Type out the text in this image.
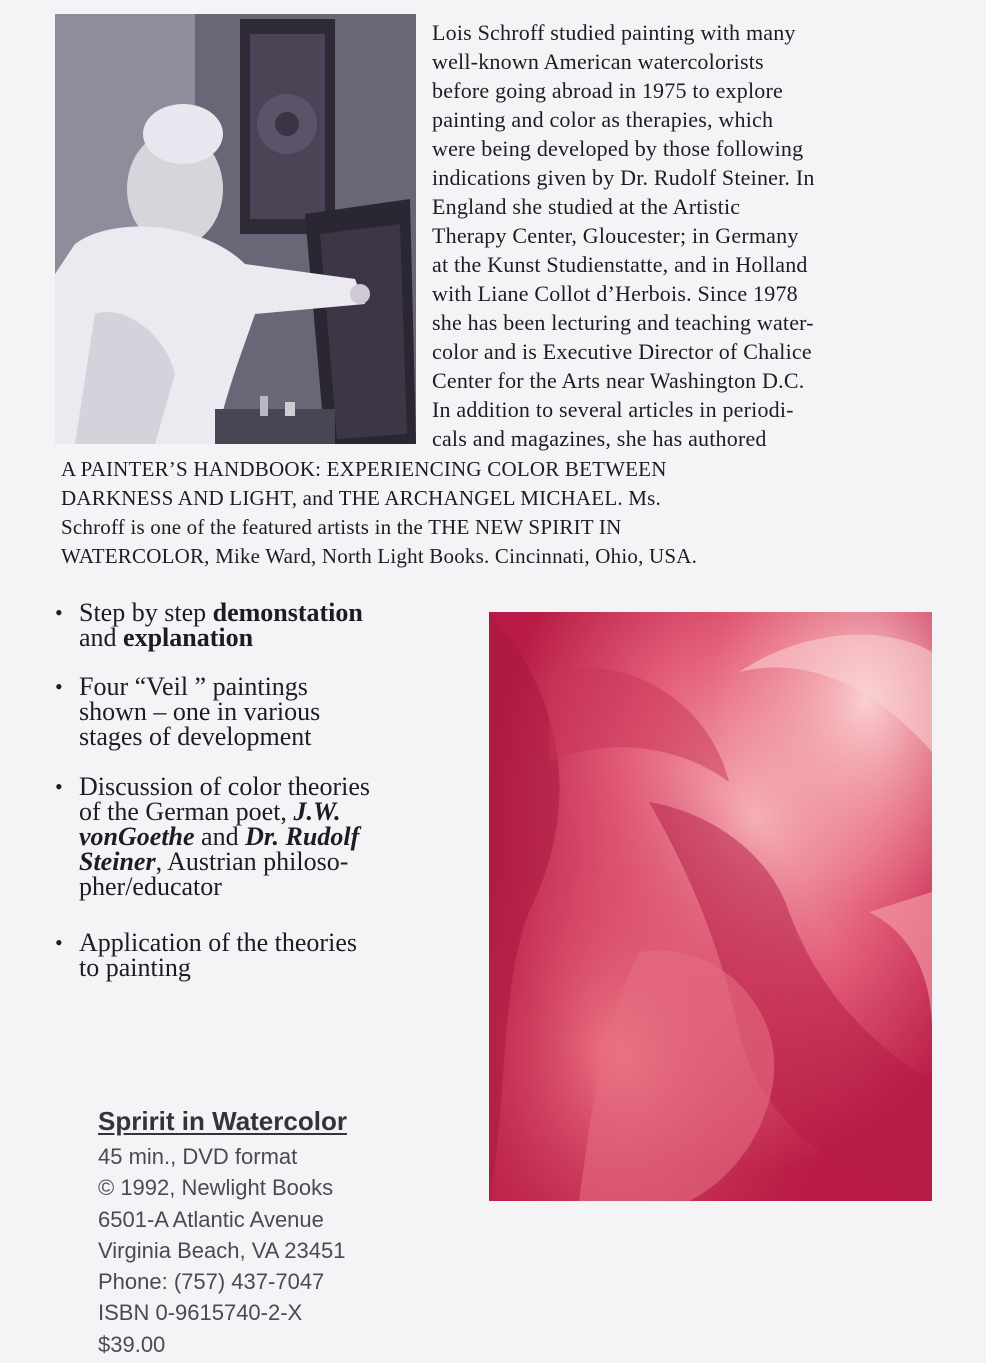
Lois Schroff studied painting with many

well-known American watercolorists

before going abroad in 1975 to explore

painting and color as therapies, which

were being developed by those following

indications given by Dr. Rudolf Steiner. In

England she studied at the Artistic

Therapy Center, Gloucester; in Germany

at the Kunst Studienstatte, and in Holland

with Liane Collot d’Herbois. Since 1978

she has been lecturing and teaching water-

color and is Executive Director of Chalice

Center for the Arts near Washington D.C.

In addition to several articles in periodi-

cals and magazines, she has authored

A PAINTER’S HANDBOOK: EXPERIENCING COLOR BETWEEN

DARKNESS AND LIGHT, and THE ARCHANGEL MICHAEL. Ms.

Schroff is one of the featured artists in the THE NEW SPIRIT IN

WATERCOLOR, Mike Ward, North Light Books. Cincinnati, Ohio, USA.

• Step by step demonstation
and explanation
• Four “Veil ” paintings
shown – one in various
stages of development
• Discussion of color theories
of the German poet, J.W.
vonGoethe and Dr. Rudolf
Steiner, Austrian philoso-
pher/educator
• Application of the theories
to painting

Spririt in Watercolor

45 min., DVD format

© 1992, Newlight Books

6501-A Atlantic Avenue

Virginia Beach, VA 23451

Phone: (757) 437-7047

ISBN 0-9615740-2-X

$39.00
